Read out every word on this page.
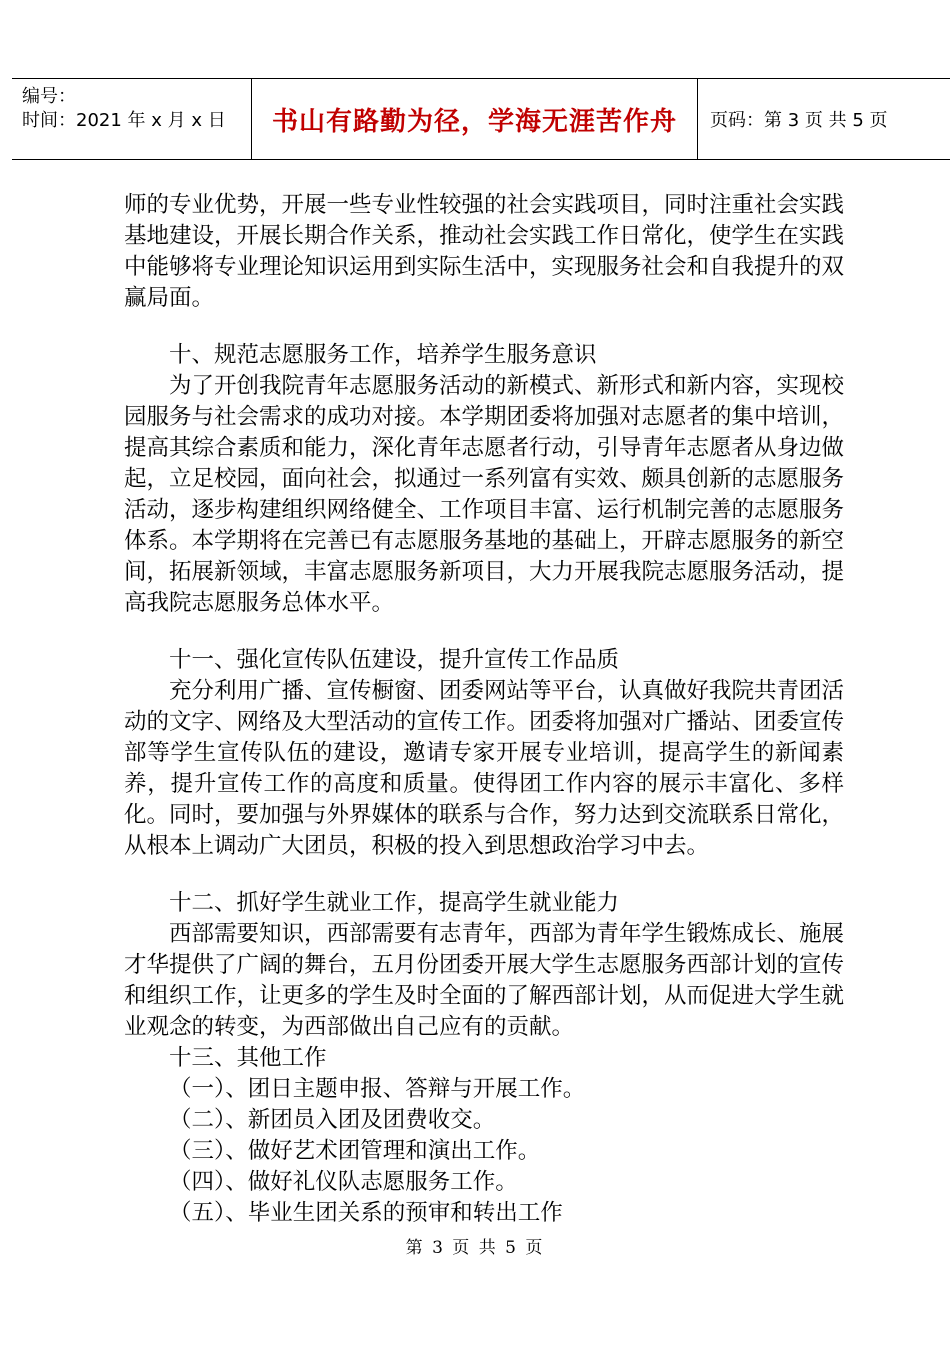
编号：
时间：2021 年 x 月 x 日	书山有路勤为径，学海无涯苦作舟	页码：第 3 页 共 5 页

师的专业优势，开展一些专业性较强的社会实践项目，同时注重社会实践基地建设，开展长期合作关系，推动社会实践工作日常化，使学生在实践中能够将专业理论知识运用到实际生活中，实现服务社会和自我提升的双赢局面。

十、规范志愿服务工作，培养学生服务意识

为了开创我院青年志愿服务活动的新模式、新形式和新内容，实现校园服务与社会需求的成功对接。本学期团委将加强对志愿者的集中培训，提高其综合素质和能力，深化青年志愿者行动，引导青年志愿者从身边做起，立足校园，面向社会，拟通过一系列富有实效、颇具创新的志愿服务活动，逐步构建组织网络健全、工作项目丰富、运行机制完善的志愿服务体系。本学期将在完善已有志愿服务基地的基础上，开辟志愿服务的新空间，拓展新领域，丰富志愿服务新项目，大力开展我院志愿服务活动，提高我院志愿服务总体水平。

十一、强化宣传队伍建设，提升宣传工作品质

充分利用广播、宣传橱窗、团委网站等平台，认真做好我院共青团活动的文字、网络及大型活动的宣传工作。团委将加强对广播站、团委宣传部等学生宣传队伍的建设，邀请专家开展专业培训，提高学生的新闻素养，提升宣传工作的高度和质量。使得团工作内容的展示丰富化、多样化。同时，要加强与外界媒体的联系与合作，努力达到交流联系日常化，从根本上调动广大团员，积极的投入到思想政治学习中去。

十二、抓好学生就业工作，提高学生就业能力

西部需要知识，西部需要有志青年，西部为青年学生锻炼成长、施展才华提供了广阔的舞台，五月份团委开展大学生志愿服务西部计划的宣传和组织工作，让更多的学生及时全面的了解西部计划，从而促进大学生就业观念的转变，为西部做出自己应有的贡献。

十三、其他工作

（一）、团日主题申报、答辩与开展工作。

（二）、新团员入团及团费收交。

（三）、做好艺术团管理和演出工作。

（四）、做好礼仪队志愿服务工作。

（五）、毕业生团关系的预审和转出工作

第 3 页 共 5 页
